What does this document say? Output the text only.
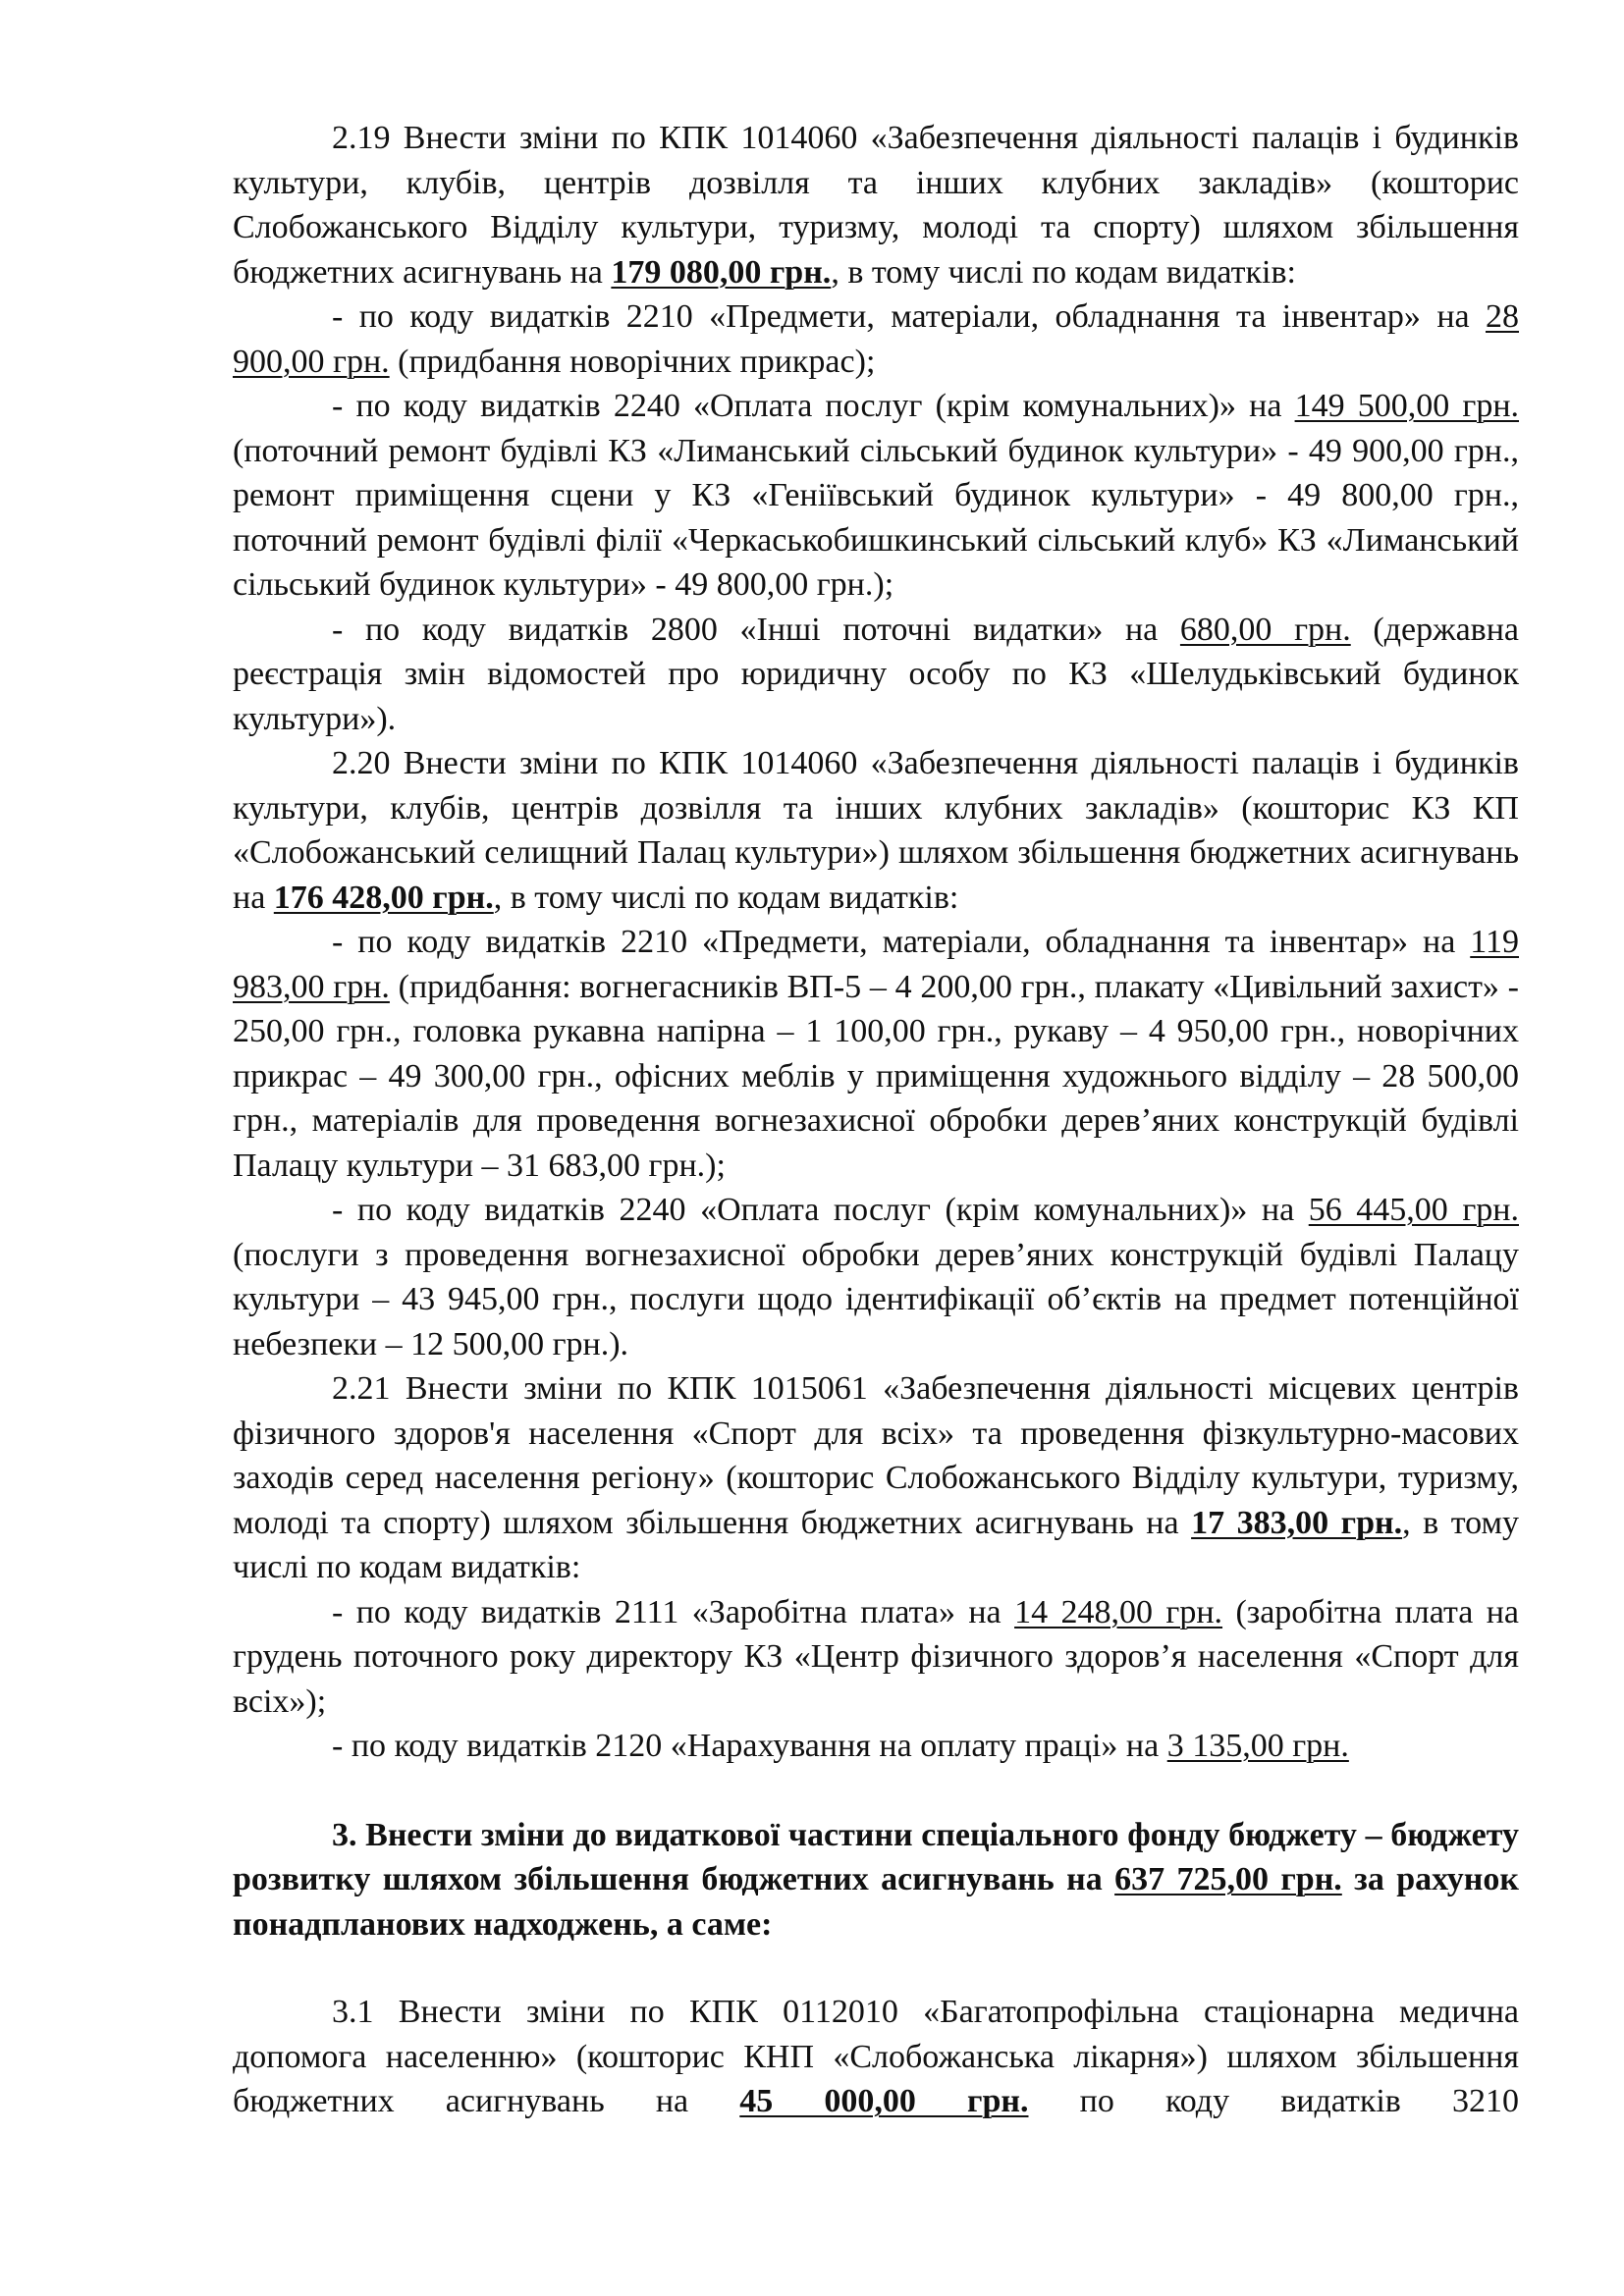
2.19 Внести зміни по КПК 1014060 «Забезпечення діяльності палаців і будинків культури, клубів, центрів дозвілля та інших клубних закладів» (кошторис Слобожанського Відділу культури, туризму, молоді та спорту) шляхом збільшення бюджетних асигнувань на 179 080,00 грн., в тому числі по кодам видатків:

- по коду видатків 2210 «Предмети, матеріали, обладнання та інвентар» на 28 900,00 грн. (придбання новорічних прикрас);

- по коду видатків 2240 «Оплата послуг (крім комунальних)» на 149 500,00 грн. (поточний ремонт будівлі КЗ «Лиманський сільський будинок культури» - 49 900,00 грн., ремонт приміщення сцени у КЗ «Геніївський будинок культури» - 49 800,00 грн., поточний ремонт будівлі філії «Черкаськобишкинський сільський клуб» КЗ «Лиманський сільський будинок культури» - 49 800,00 грн.);

- по коду видатків 2800 «Інші поточні видатки» на 680,00 грн. (державна реєстрація змін відомостей про юридичну особу по КЗ «Шелудьківський будинок культури»).

2.20 Внести зміни по КПК 1014060 «Забезпечення діяльності палаців і будинків культури, клубів, центрів дозвілля та інших клубних закладів» (кошторис КЗ КП «Слобожанський селищний Палац культури») шляхом збільшення бюджетних асигнувань на 176 428,00 грн., в тому числі по кодам видатків:

- по коду видатків 2210 «Предмети, матеріали, обладнання та інвентар» на 119 983,00 грн. (придбання: вогнегасників ВП-5 – 4 200,00 грн., плакату «Цивільний захист» - 250,00 грн., головка рукавна напірна – 1 100,00 грн., рукаву – 4 950,00 грн., новорічних прикрас – 49 300,00 грн., офісних меблів у приміщення художнього відділу – 28 500,00 грн., матеріалів для проведення вогнезахисної обробки дерев’яних конструкцій будівлі Палацу культури – 31 683,00 грн.);

- по коду видатків 2240 «Оплата послуг (крім комунальних)» на 56 445,00 грн. (послуги з проведення вогнезахисної обробки дерев’яних конструкцій будівлі Палацу культури – 43 945,00 грн., послуги щодо ідентифікації об’єктів на предмет потенційної небезпеки – 12 500,00 грн.).

2.21 Внести зміни по КПК 1015061 «Забезпечення діяльності місцевих центрів фізичного здоров'я населення «Спорт для всіх» та проведення фізкультурно-масових заходів серед населення регіону» (кошторис Слобожанського Відділу культури, туризму, молоді та спорту) шляхом збільшення бюджетних асигнувань на 17 383,00 грн., в тому числі по кодам видатків:

- по коду видатків 2111 «Заробітна плата» на 14 248,00 грн. (заробітна плата на грудень поточного року директору КЗ «Центр фізичного здоров’я населення «Спорт для всіх»);

- по коду видатків 2120 «Нарахування на оплату праці» на 3 135,00 грн.

3. Внести зміни до видаткової частини спеціального фонду бюджету – бюджету розвитку шляхом збільшення бюджетних асигнувань на 637 725,00 грн. за рахунок понадпланових надходжень, а саме:

3.1 Внести зміни по КПК 0112010 «Багатопрофільна стаціонарна медична допомога населенню» (кошторис КНП «Слобожанська лікарня») шляхом збільшення бюджетних асигнувань на 45 000,00 грн. по коду видатків 3210
